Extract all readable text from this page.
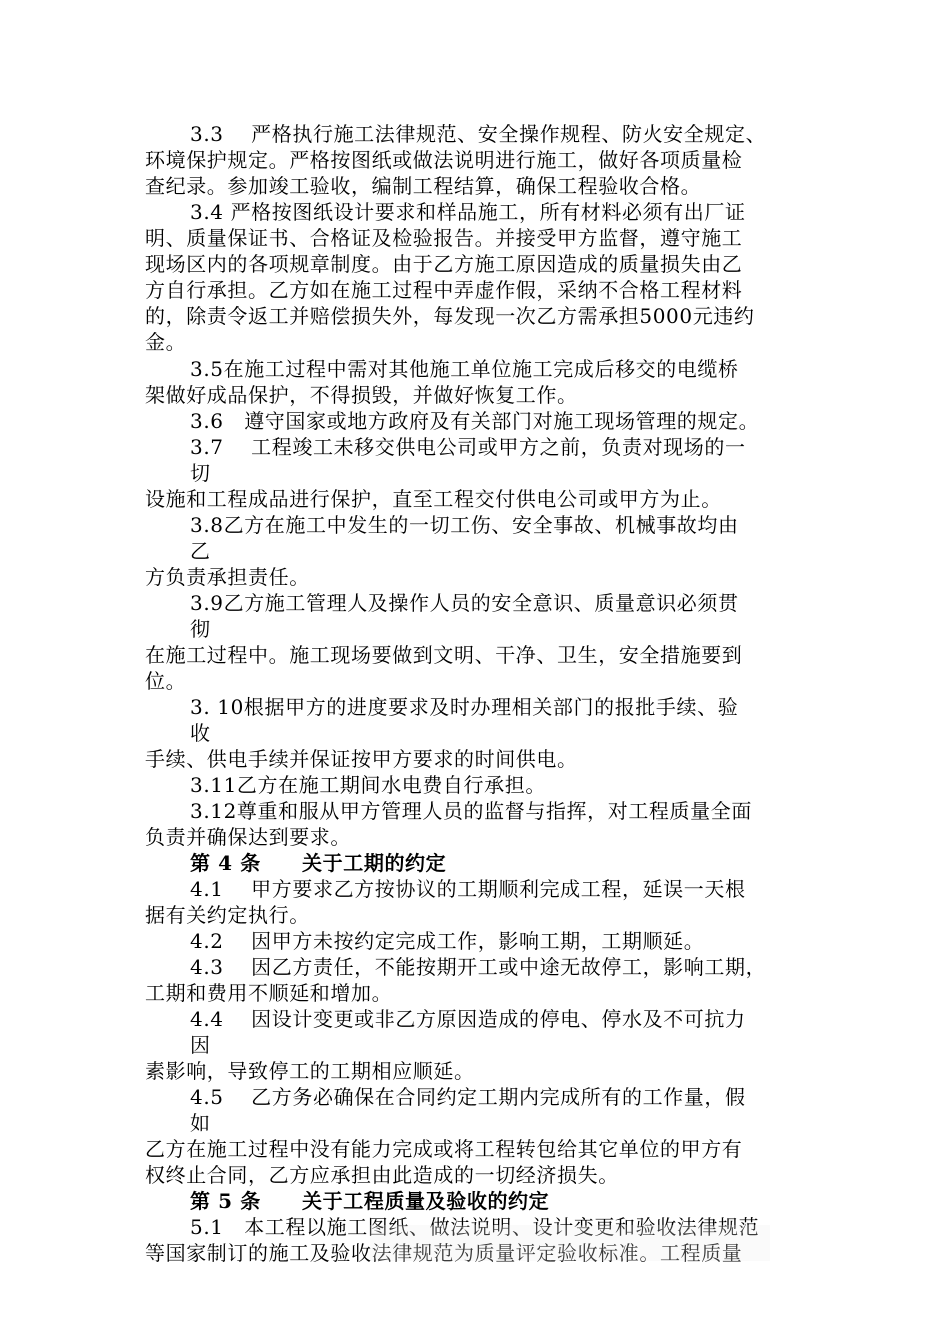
3.3　 严格执行施工法律规范、安全操作规程、防火安全规定、
环境保护规定。严格按图纸或做法说明进行施工，做好各项质量检
查纪录。参加竣工验收，编制工程结算，确保工程验收合格。
3.4 严格按图纸设计要求和样品施工，所有材料必须有出厂证
明、质量保证书、合格证及检验报告。并接受甲方监督，遵守施工
现场区内的各项规章制度。由于乙方施工原因造成的质量损失由乙
方自行承担。乙方如在施工过程中弄虚作假，采纳不合格工程材料
的，除责令返工并赔偿损失外，每发现一次乙方需承担5000元违约
金。
3.5在施工过程中需对其他施工单位施工完成后移交的电缆桥
架做好成品保护，不得损毁，并做好恢复工作。
3.6　遵守国家或地方政府及有关部门对施工现场管理的规定。
3.7　 工程竣工未移交供电公司或甲方之前，负责对现场的一
切
设施和工程成品进行保护，直至工程交付供电公司或甲方为止。
3.8乙方在施工中发生的一切工伤、安全事故、机械事故均由
乙
方负责承担责任。
3.9乙方施工管理人及操作人员的安全意识、质量意识必须贯
彻
在施工过程中。施工现场要做到文明、干净、卫生，安全措施要到
位。
3. 10根据甲方的进度要求及时办理相关部门的报批手续、验
收
手续、供电手续并保证按甲方要求的时间供电。
3.11乙方在施工期间水电费自行承担。
3.12尊重和服从甲方管理人员的监督与指挥，对工程质量全面
负责并确保达到要求。
第 4 条　　关于工期的约定
4.1　 甲方要求乙方按协议的工期顺利完成工程，延误一天根
据有关约定执行。
4.2　 因甲方未按约定完成工作，影响工期，工期顺延。
4.3　 因乙方责任，不能按期开工或中途无故停工，影响工期，
工期和费用不顺延和增加。
4.4　 因设计变更或非乙方原因造成的停电、停水及不可抗力
因
素影响，导致停工的工期相应顺延。
4.5　 乙方务必确保在合同约定工期内完成所有的工作量，假
如
乙方在施工过程中没有能力完成或将工程转包给其它单位的甲方有
权终止合同，乙方应承担由此造成的一切经济损失。
第 5 条　　关于工程质量及验收的约定
5.1　本工程以施工图纸、做法说明、设计变更和验收法律规范
等国家制订的施工及验收法律规范为质量评定验收标准。工程质量
